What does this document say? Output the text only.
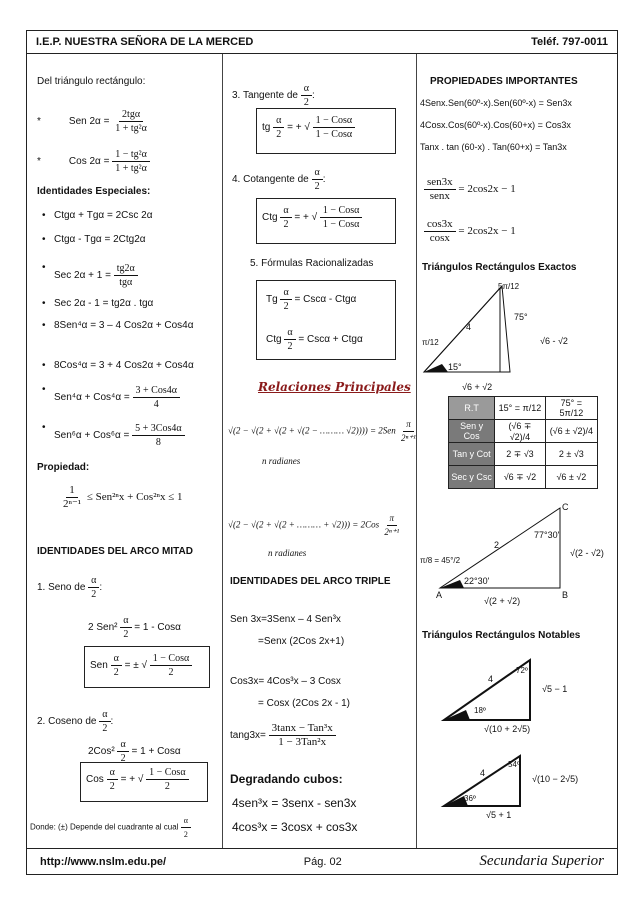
I.E.P. NUESTRA SEÑORA DE LA MERCED	Teléf. 797-0011
Del triángulo rectángulo:
*	Sen $2\alpha = \frac{\text{2tgα}}{\text{1 + tg²α}}$
*	Cos $2\alpha = \frac{\text{1 − tg²α}}{\text{1 + tg²α}}$
Identidades Especiales:
• Ctgα + Tgα = 2Csc 2α
• Ctgα - Tgα = 2Ctg2α
• Sec $2\alpha + 1 = \frac{tg2\alpha}{\text{tgα}}$
• Sec 2α - 1 = tg2α . tgα
• 8Sen⁴α = 3 – 4 Cos2α + Cos4α
• 8Cos⁴α = 3 + 4 Cos2α + Cos4α
• $Sen^4\alpha + Cos^4\alpha = \frac{\text{3 + Cos4α}}{4}$
• $Sen^6\alpha + Cos^6\alpha = \frac{\text{5 + 3Cos4α}}{8}$
Propiedad:
$\frac{1}{\text{2ⁿ⁻¹}} \le Sen^{2n}x + Cos^{2n}x \le 1$
IDENTIDADES DEL ARCO MITAD
1. Seno de $\frac{\alpha}{2}$ :
2 $Sen^2 \frac{\alpha}{2} = 1 - Cos\alpha$
Sen $\frac{\alpha}{2}$ = ± √ $\frac{\text{1 − Cosα}}{2}$
2. Coseno de $\frac{\alpha}{2}$ :
$2Cos^2 \frac{\alpha}{2} = 1 + Cos\alpha$
Cos $\frac{\alpha}{2}$ = + √ $\frac{\text{1 − Cosα}}{2}$
Donde: (±) Depende del cuadrante al cual $\frac{\alpha}{2}$
3. Tangente de $\frac{\alpha}{2}$ :
tg $\frac{\alpha}{2}$ = + √ $\frac{\text{1 − Cosα}}{\text{1 − Cosα}}$
4. Cotangente de $\frac{\alpha}{2}$ :
Ctg $\frac{\alpha}{2}$ = + √ $\frac{\text{1 − Cosα}}{\text{1 − Cosα}}$
5. Fórmulas Racionalizadas
Tg $\frac{\alpha}{2} = Csc\alpha - Ctg\alpha$
Ctg $\frac{\alpha}{2} = Csc\alpha + Ctg\alpha$
Relaciones Principales
√(2 − √(2 + √(2 + √(2 − ……… $√2)))) = 2Sen \frac{\pi}{\text{2ⁿ⁺¹}}$
n radianes
√(2 − √(2 + √(2 + ……… + $√2))) = 2Cos \frac{\pi}{\text{2ⁿ⁺¹}}$
n radianes
IDENTIDADES DEL ARCO TRIPLE
Sen 3x=3Senx – 4 Sen³x
=Senx (2Cos 2x+1)
Cos3x= 4Cos³x – 3 Cosx
= Cosx (2Cos 2x - 1)
$\tan g3x= \frac{\text{3tanx − Tan³x}}{\text{1 − 3Tan²x}}$
Degradando cubos:
4sen³x = 3senx - sen3x
4cos³x = 3cosx + cos3x
PROPIEDADES IMPORTANTES
4Senx.Sen(60º-x).Sen(60º-x) = Sen3x
4Cosx.Cos(60º-x).Cos(60+x) = Cos3x
Tanx . tan (60-x) . Tan(60+x) = Tan3x
$\frac{\text{sen3x}}{\text{senx}} = 2\cos 2x - 1$
$\frac{\cos 3x}{\cos x} = 2\cos 2x - 1$
Triángulos Rectángulos Exactos
5π/12
75°
15°
4
√6 - √2
√6 + √2
π/12
R.T	15° = π/12	75° = 5π/12
Sen y Cos	(√6 ∓ √2)/4	(√6 ± √2)/4
Tan y Cot	2 ∓ √3	2 ± √3
Sec y Csc	√6 ∓ √2	√6 ± √2
C
A	B
77°30'
22°30'
2
√(2 - √2)
√(2 + √2)
π/8 = 45°/2
Triángulos Rectángulos Notables
4
72º
18º
√5 − 1
√(10 + 2√5)
4
54º
36º
√(10 − 2√5)
√5 + 1
http://www.nslm.edu.pe/	Pág. 02	Secundaria Superior
